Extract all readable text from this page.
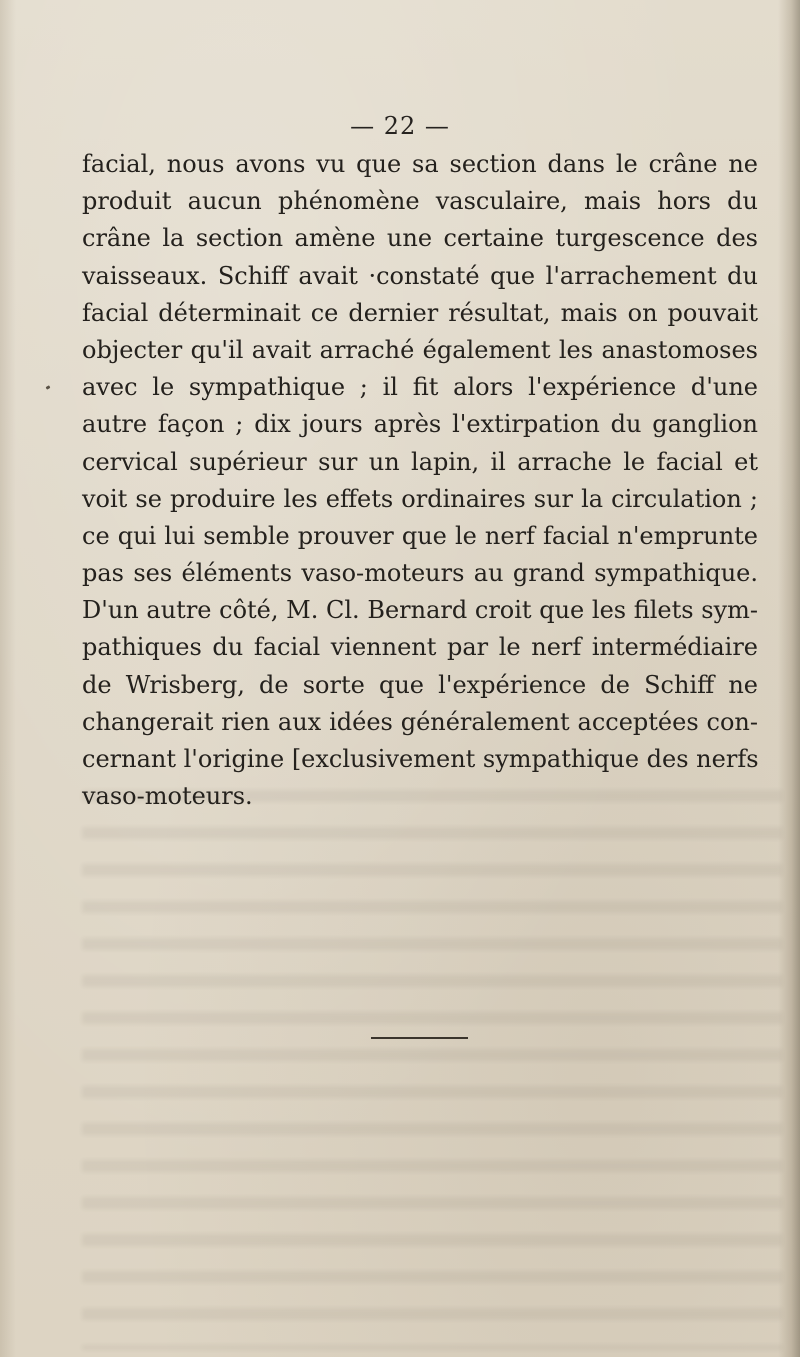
— 22 —
facial, nous avons vu que sa section dans le crâne ne
produit aucun phénomène vasculaire, mais hors du
crâne la section amène une certaine turgescence des
vaisseaux. Schiff avait ·constaté que l'arrachement du
facial déterminait ce dernier résultat, mais on pouvait
objecter qu'il avait arraché également les anastomoses
avec le sympathique ; il fit alors l'expérience d'une
autre façon ; dix jours après l'extirpation du ganglion
cervical supérieur sur un lapin, il arrache le facial et
voit se produire les effets ordinaires sur la circulation ;
ce qui lui semble prouver que le nerf facial n'emprunte
pas ses éléments vaso-moteurs au grand sympathique.
D'un autre côté, M. Cl. Bernard croit que les filets sym-
pathiques du facial viennent par le nerf intermédiaire
de Wrisberg, de sorte que l'expérience de Schiff ne
changerait rien aux idées généralement acceptées con-
cernant l'origine [exclusivement sympathique des nerfs
vaso-moteurs.
